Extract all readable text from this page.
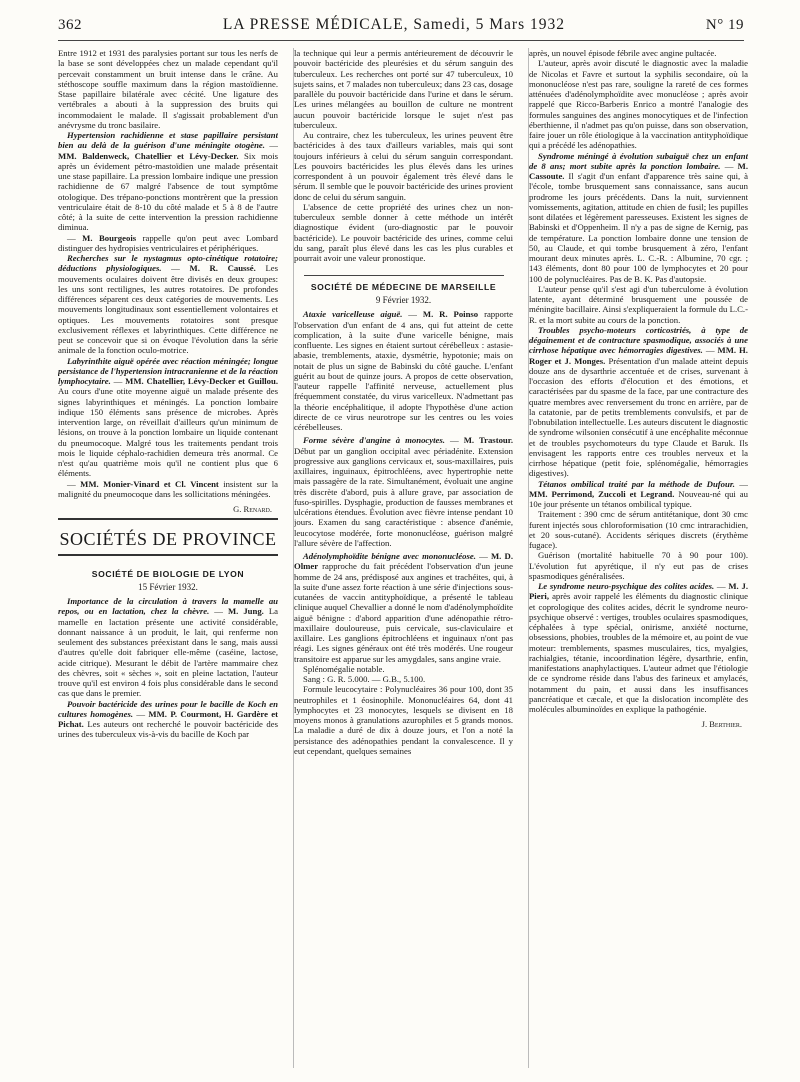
362	LA PRESSE MÉDICALE, Samedi, 5 Mars 1932	N° 19

Entre 1912 et 1931 des paralysies portant sur tous les nerfs de la base se sont développées chez un malade cependant qu'il percevait constamment un bruit intense dans le crâne. Au stéthoscope souffle maximum dans la région mastoïdienne. Stase papillaire bilatérale avec cécité. Une ligature des vertébrales a abouti à la suppression des bruits qui incommodaient le malade. Il s'agissait probablement d'un anévrysme du tronc basilaire.

Hypertension rachidienne et stase papillaire persistant bien au delà de la guérison d'une méningite otogène. — MM. Baldenweck, Chatellier et Lévy-Decker. Six mois après un évidement pétro-mastoïdien une malade présentait une stase papillaire. La pression lombaire indique une pression rachidienne de 67 malgré l'absence de tout symptôme otologique. Des trépano-ponctions montrèrent que la pression ventriculaire était de 8-10 du côté malade et 5 à 8 de l'autre côté; à la suite de cette intervention la pression rachidienne diminua.

— M. Bourgeois rappelle qu'on peut avec Lombard distinguer des hydropisies ventriculaires et périphériques.

Recherches sur le nystagmus opto-cinétique rotatoire; déductions physiologiques. — M. R. Caussé. Les mouvements oculaires doivent être divisés en deux groupes: les uns sont rectilignes, les autres rotatoires. De profondes différences séparent ces deux catégories de mouvements. Les mouvements longitudinaux sont essentiellement volontaires et optiques. Les mouvements rotatoires sont presque exclusivement réflexes et labyrinthiques. Cette différence ne peut se concevoir que si on évoque l'évolution dans la série animale de la fonction oculo-motrice.

Labyrinthite aiguë opérée avec réaction méningée; longue persistance de l'hypertension intracranienne et de la réaction lymphocytaire. — MM. Chatellier, Lévy-Decker et Guillou. Au cours d'une otite moyenne aiguë un malade présente des signes labyrinthiques et méningés. La ponction lombaire indique 150 éléments sans présence de microbes. Après intervention large, on réveillait d'ailleurs qu'un minimum de lésions, on trouve à la ponction lombaire un liquide contenant du pneumocoque. Malgré tous les traitements pendant trois mois le liquide céphalo-rachidien demeura très anormal. Ce n'est qu'au quatrième mois qu'il ne contient plus que 6 éléments.

— MM. Monier-Vinard et Cl. Vincent insistent sur la malignité du pneumocoque dans les sollicitations méningées.

G. Renard.
SOCIÉTÉS DE PROVINCE
SOCIÉTÉ DE BIOLOGIE DE LYON
15 Février 1932.

Importance de la circulation à travers la mamelle au repos, ou en lactation, chez la chèvre. — M. Jung. La mamelle en lactation présente une activité considérable, donnant naissance à un produit, le lait, qui renferme non seulement des substances préexistant dans le sang, mais aussi d'autres qu'elle doit fabriquer elle-même (caséine, lactose, acide citrique). Mesurant le débit de l'artère mammaire chez des chèvres, soit « sèches », soit en pleine lactation, l'auteur trouve qu'il est environ 4 fois plus considérable dans le second cas que dans le premier.

Pouvoir bactéricide des urines pour le bacille de Koch en cultures homogènes. — MM. P. Courmont, H. Gardère et Pichat. Les auteurs ont recherché le pouvoir bactéricide des urines des tuberculeux vis-à-vis du bacille de Koch par

la technique qui leur a permis antérieurement de découvrir le pouvoir bactéricide des pleurésies et du sérum sanguin des tuberculeux. Les recherches ont porté sur 47 tuberculeux, 10 sujets sains, et 7 malades non tuberculeux; dans 23 cas, dosage parallèle du pouvoir bactéricide dans l'urine et dans le sérum. Les urines mélangées au bouillon de culture ne montrent aucun pouvoir bactéricide lorsque le sujet n'est pas tuberculeux.

Au contraire, chez les tuberculeux, les urines peuvent être bactéricides à des taux d'ailleurs variables, mais qui sont toujours inférieurs à celui du sérum sanguin correspondant. Les pouvoirs bactéricides les plus élevés dans les urines correspondent à un pouvoir également très élevé dans le sérum. Il semble que le pouvoir bactéricide des urines provient donc de celui du sérum sanguin.

L'absence de cette propriété des urines chez un non-tuberculeux semble donner à cette méthode un intérêt diagnostique évident (uro-diagnostic par le pouvoir bactéricide). Le pouvoir bactéricide des urines, comme celui du sang, paraît plus élevé dans les cas les plus curables et pourrait avoir une valeur pronostique.

SOCIÉTÉ DE MÉDECINE DE MARSEILLE
9 Février 1932.

Ataxie varicelleuse aiguë. — M. R. Poinso rapporte l'observation d'un enfant de 4 ans, qui fut atteint de cette complication, à la suite d'une varicelle bénigne, mais confluente. Les signes en étaient surtout cérébelleux : astasie-abasie, tremblements, ataxie, dysmétrie, hypotonie; mais on notait de plus un signe de Babinski du côté gauche. L'enfant guérit au bout de quinze jours. A propos de cette observation, l'auteur rappelle l'affinité nerveuse, actuellement plus fréquemment constatée, du virus varicelleux. N'admettant pas la théorie encéphalitique, il adopte l'hypothèse d'une action directe de ce virus neurotrope sur les centres ou les voies cérébelleuses.

Forme sévère d'angine à monocytes. — M. Trastour. Début par un ganglion occipital avec périadénite. Extension progressive aux ganglions cervicaux et, sous-maxillaires, puis axillaires, inguinaux, épitrochléens, avec hypertrophie nette mais passagère de la rate. Simultanément, évoluait une angine très discrète d'abord, puis à allure grave, par association de fuso-spirilles. Dysphagie, production de fausses membranes et ulcérations étendues. Évolution avec fièvre intense pendant 10 jours. Examen du sang caractéristique : absence d'anémie, leucocytose modérée, forte mononucléose, guérison malgré l'allure sévère de l'affection.

Adénolymphoïdite bénigne avec mononucléose. — M. D. Olmer rapproche du fait précédent l'observation d'un jeune homme de 24 ans, prédisposé aux angines et trachéites, qui, à la suite d'une assez forte réaction à une série d'injections sous-cutanées de vaccin antityphoïdique, a présenté le tableau clinique auquel Chevallier a donné le nom d'adénolymphoïdite aiguë bénigne : d'abord apparition d'une adénopathie rétro-maxillaire douloureuse, puis cervicale, sus-claviculaire et axillaire. Les ganglions épitrochléens et inguinaux n'ont pas réagi. Les signes généraux ont été très modérés. Une rougeur transitoire est apparue sur les amygdales, sans angine vraie.

Splénomégalie notable.

Sang : G. R. 5.000. — G.B., 5.100.

Formule leucocytaire : Polynucléaires 36 pour 100, dont 35 neutrophiles et 1 éosinophile. Mononucléaires 64, dont 41 lymphocytes et 23 monocytes, lesquels se divisent en 18 moyens monos à granulations azurophiles et 5 grands monos. La maladie a duré de dix à douze jours, et l'on a noté la persistance des adénopathies pendant la convalescence. Il y eut cependant, quelques semaines

après, un nouvel épisode fébrile avec angine pultacée.

L'auteur, après avoir discuté le diagnostic avec la maladie de Nicolas et Favre et surtout la syphilis secondaire, où la mononucléose n'est pas rare, souligne la rareté de ces formes atténuées d'adénolymphoïdite avec monucléose ; après avoir rappelé que Ricco-Barberis Enrico a montré l'analogie des formules sanguines des angines monocytiques et de l'infection éberthienne, il n'admet pas qu'on puisse, dans son observation, faire jouer un rôle étiologique à la vaccination antityphoïdique qui a précédé les adénopathies.

Syndrome méningé à évolution subaiguë chez un enfant de 8 ans; mort subite après la ponction lombaire. — M. Cassoute. Il s'agit d'un enfant d'apparence très saine qui, à l'école, tombe brusquement sans connaissance, sans aucun prodrome les jours précédents. Dans la nuit, surviennent vomissements, agitation, attitude en chien de fusil; les pupilles sont dilatées et légèrement paresseuses. Existent les signes de Babinski et d'Oppenheim. Il n'y a pas de signe de Kernig, pas de température. La ponction lombaire donne une tension de 50, au Claude, et qui tombe brusquement à zéro, l'enfant mourant deux minutes après. L. C.-R. : Albumine, 70 cgr. ; 143 éléments, dont 80 pour 100 de lymphocytes et 20 pour 100 de polynucléaires. Pas de B. K. Pas d'autopsie.

L'auteur pense qu'il s'est agi d'un tuberculome à évolution latente, ayant déterminé brusquement une poussée de méningite bacillaire. Ainsi s'expliqueraient la formule du L.C.-R. et la mort subite au cours de la ponction.

Troubles psycho-moteurs corticostriés, à type de dégainement et de contracture spasmodique, associés à une cirrhose hépatique avec hémorragies digestives. — MM. H. Roger et J. Monges. Présentation d'un malade atteint depuis douze ans de dysarthrie accentuée et de crises, survenant à l'occasion des efforts d'élocution et des émotions, et caractérisées par du spasme de la face, par une contracture des quatre membres avec renversement du tronc en arrière, par de la catatonie, par de petits tremblements convulsifs, et par de l'obnubilation intellectuelle. Les auteurs discutent le diagnostic de syndrome wilsonien consécutif à une encéphalite méconnue et de troubles psychomoteurs du type Claude et Baruk. Ils envisagent les rapports entre ces troubles nerveux et la cirrhose hépatique (petit foie, splénomégalie, hémorragies digestives).

Tétanos ombilical traité par la méthode de Dufour. — MM. Perrimond, Zuccoli et Legrand. Nouveau-né qui au 10e jour présente un tétanos ombilical typique.

Traitement : 390 cmc de sérum antitétanique, dont 30 cmc furent injectés sous chloroformisation (10 cmc intrarachidien, et 20 sous-cutané). Accidents sériques discrets (érythème fugace).

Guérison (mortalité habituelle 70 à 90 pour 100). L'évolution fut apyrétique, il n'y eut pas de crises spasmodiques généralisées.

Le syndrome neuro-psychique des colites acides. — M. J. Pieri, après avoir rappelé les éléments du diagnostic clinique et coprologique des colites acides, décrit le syndrome neuro-psychique observé : vertiges, troubles oculaires spasmodiques, céphalées à type spécial, onirisme, anxiété nocturne, obsessions, phobies, troubles de la mémoire et, au point de vue moteur: tremblements, spasmes musculaires, tics, myalgies, rachialgies, tétanie, incoordination légère, dysarthrie, enfin, manifestations anaphylactiques. L'auteur admet que l'étiologie de ce syndrome réside dans l'abus des farineux et amylacés, notamment du pain, et aussi dans les insuffisances pancréatique et cæcale, et que la dislocation incomplète des molécules albuminoïdes en explique la pathogénie.

J. Berthier.
